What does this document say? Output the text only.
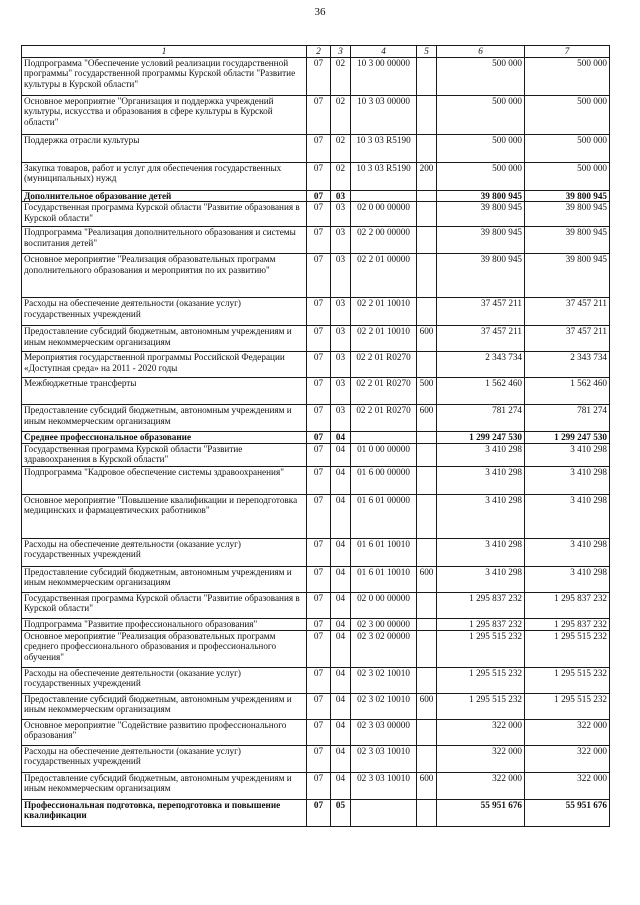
36
1	2	3	4	5	6	7
Подпрограмма "Обеспечение условий реализации государственной программы" государственной программы Курской области "Развитие культуры в Курской области"	07	02	10 3 00 00000		500 000	500 000
Основное мероприятие "Организация и поддержка учреждений культуры, искусства и образования в сфере культуры в Курской области"	07	02	10 3 03 00000		500 000	500 000
Поддержка отрасли культуры	07	02	10 3 03 R5190		500 000	500 000
Закупка товаров, работ и услуг для обеспечения государственных (муниципальных) нужд	07	02	10 3 03 R5190	200	500 000	500 000
Дополнительное образование детей	07	03			39 800 945	39 800 945
Государственная программа Курской области "Развитие образования в Курской области"	07	03	02 0 00 00000		39 800 945	39 800 945
Подпрограмма "Реализация дополнительного образования и системы воспитания детей"	07	03	02 2 00 00000		39 800 945	39 800 945
Основное мероприятие "Реализация образовательных программ дополнительного образования и мероприятия по их развитию"	07	03	02 2 01 00000		39 800 945	39 800 945
Расходы на обеспечение деятельности (оказание услуг) государственных учреждений	07	03	02 2 01 10010		37 457 211	37 457 211
Предоставление субсидий бюджетным, автономным учреждениям и иным некоммерческим организациям	07	03	02 2 01 10010	600	37 457 211	37 457 211
Мероприятия государственной программы Российской Федерации «Доступная среда» на 2011 - 2020 годы	07	03	02 2 01 R0270		2 343 734	2 343 734
Межбюджетные трансферты	07	03	02 2 01 R0270	500	1 562 460	1 562 460
Предоставление субсидий бюджетным, автономным учреждениям и иным некоммерческим организациям	07	03	02 2 01 R0270	600	781 274	781 274
Среднее профессиональное образование	07	04			1 299 247 530	1 299 247 530
Государственная программа Курской области "Развитие здравоохранения в Курской области"	07	04	01 0 00 00000		3 410 298	3 410 298
Подпрограмма "Кадровое обеспечение системы здравоохранения"	07	04	01 6 00 00000		3 410 298	3 410 298
Основное мероприятие "Повышение квалификации и переподготовка медицинских и фармацевтических работников"	07	04	01 6 01 00000		3 410 298	3 410 298
Расходы на обеспечение деятельности (оказание услуг) государственных учреждений	07	04	01 6 01 10010		3 410 298	3 410 298
Предоставление субсидий бюджетным, автономным учреждениям и иным некоммерческим организациям	07	04	01 6 01 10010	600	3 410 298	3 410 298
Государственная программа Курской области "Развитие образования в Курской области"	07	04	02 0 00 00000		1 295 837 232	1 295 837 232
Подпрограмма "Развитие профессионального образования"	07	04	02 3 00 00000		1 295 837 232	1 295 837 232
Основное мероприятие "Реализация образовательных программ среднего профессионального образования и профессионального обучения"	07	04	02 3 02 00000		1 295 515 232	1 295 515 232
Расходы на обеспечение деятельности (оказание услуг) государственных учреждений	07	04	02 3 02 10010		1 295 515 232	1 295 515 232
Предоставление субсидий бюджетным, автономным учреждениям и иным некоммерческим организациям	07	04	02 3 02 10010	600	1 295 515 232	1 295 515 232
Основное мероприятие "Содействие развитию профессионального образования"	07	04	02 3 03 00000		322 000	322 000
Расходы на обеспечение деятельности (оказание услуг) государственных учреждений	07	04	02 3 03 10010		322 000	322 000
Предоставление субсидий бюджетным, автономным учреждениям и иным некоммерческим организациям	07	04	02 3 03 10010	600	322 000	322 000
Профессиональная подготовка, переподготовка и повышение квалификации	07	05			55 951 676	55 951 676
